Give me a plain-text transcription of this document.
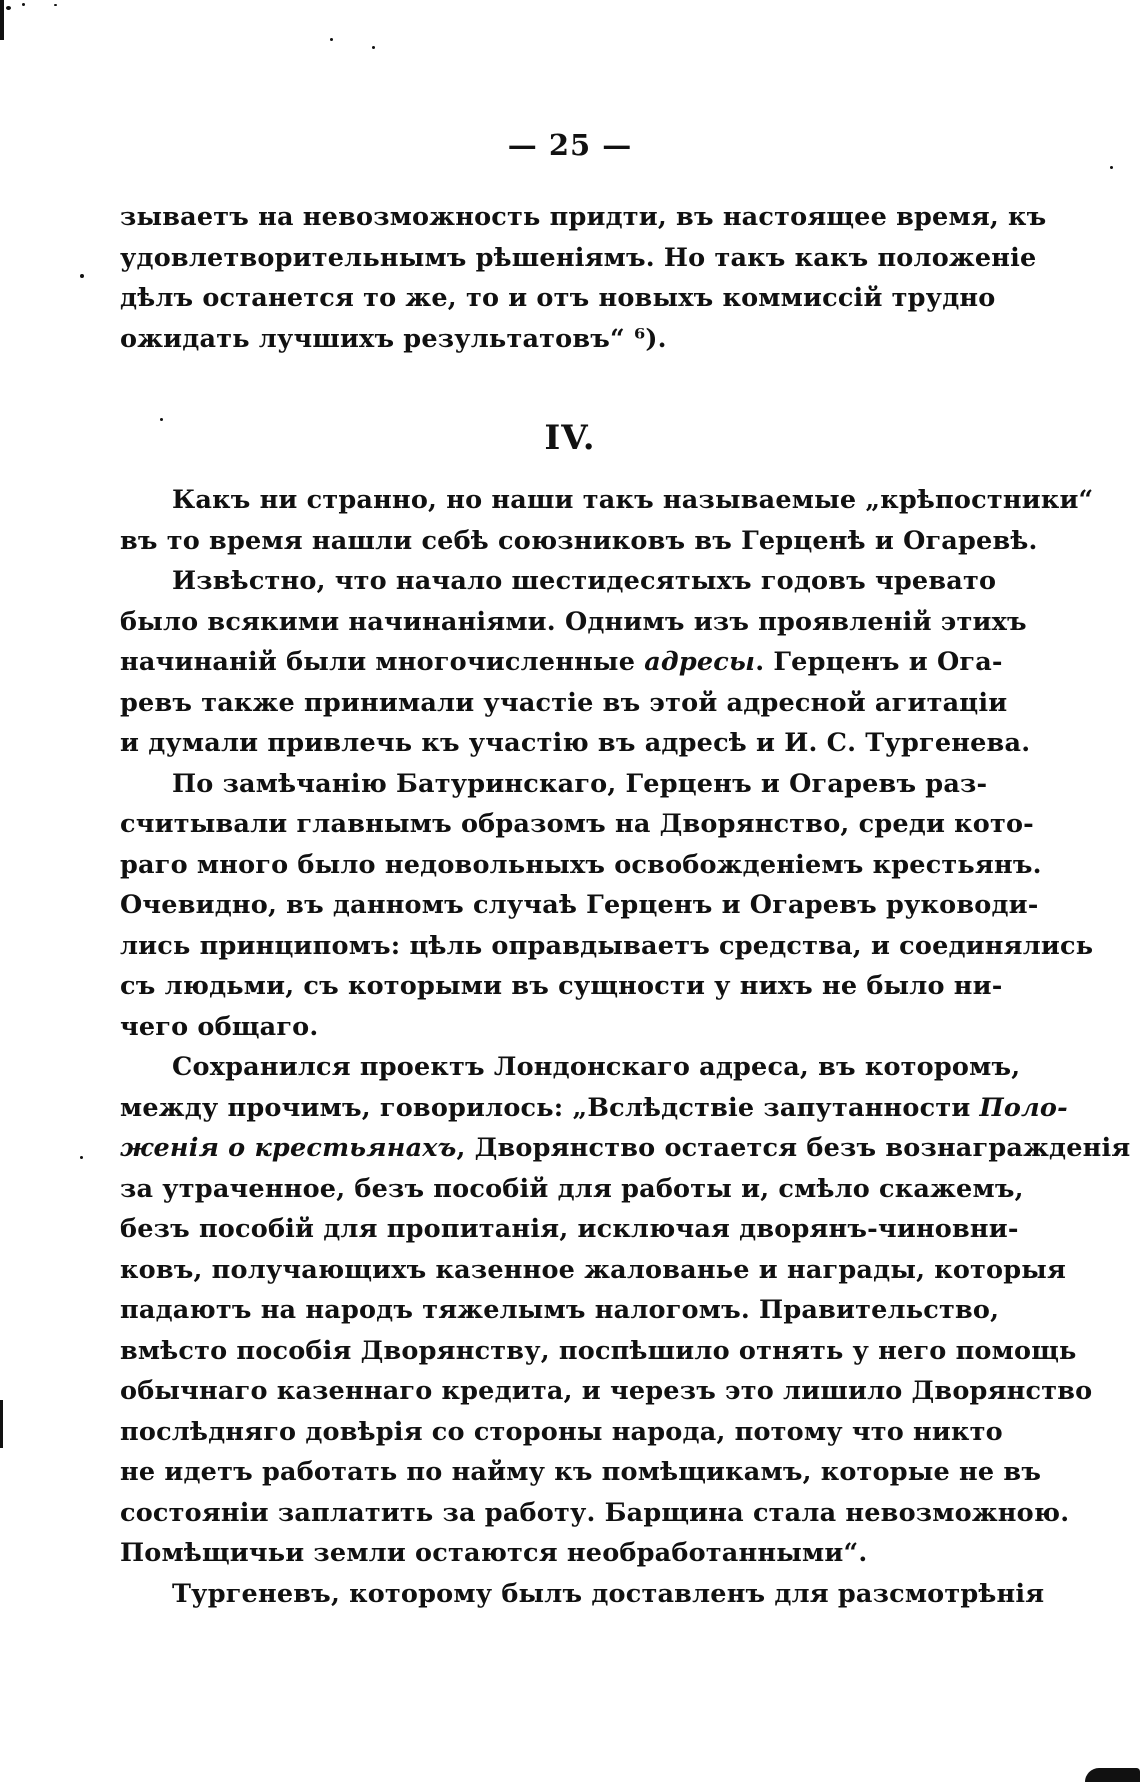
— 25 —
зываетъ на невозможность придти, въ настоящее время, къ
удовлетворительнымъ рѣшеніямъ. Но такъ какъ положеніе
дѣлъ останется то же, то и отъ новыхъ коммиссій трудно
ожидать лучшихъ результатовъ“ ⁶).
IV.
Какъ ни странно, но наши такъ называемые „крѣпостники“
въ то время нашли себѣ союзниковъ въ Герценѣ и Огаревѣ.
Извѣстно, что начало шестидесятыхъ годовъ чревато
было всякими начинаніями. Однимъ изъ проявленій этихъ
начинаній были многочисленные адресы. Герценъ и Ога-
ревъ также принимали участіе въ этой адресной агитаціи
и думали привлечь къ участію въ адресѣ и И. С. Тургенева.
По замѣчанію Батуринскаго, Герценъ и Огаревъ раз-
считывали главнымъ образомъ на Дворянство, среди кото-
раго много было недовольныхъ освобожденіемъ крестьянъ.
Очевидно, въ данномъ случаѣ Герценъ и Огаревъ руководи-
лись принципомъ: цѣль оправдываетъ средства, и соединялись
съ людьми, съ которыми въ сущности у нихъ не было ни-
чего общаго.
Сохранился проектъ Лондонскаго адреса, въ которомъ,
между прочимъ, говорилось: „Вслѣдствіе запутанности Поло-
женія о крестьянахъ, Дворянство остается безъ вознагражденія
за утраченное, безъ пособій для работы и, смѣло скажемъ,
безъ пособій для пропитанія, исключая дворянъ-чиновни-
ковъ, получающихъ казенное жалованье и награды, которыя
падаютъ на народъ тяжелымъ налогомъ. Правительство,
вмѣсто пособія Дворянству, поспѣшило отнять у него помощь
обычнаго казеннаго кредита, и черезъ это лишило Дворянство
послѣдняго довѣрія со стороны народа, потому что никто
не идетъ работать по найму къ помѣщикамъ, которые не въ
состояніи заплатить за работу. Барщина стала невозможною.
Помѣщичьи земли остаются необработанными“.
Тургеневъ, которому былъ доставленъ для разсмотрѣнія
